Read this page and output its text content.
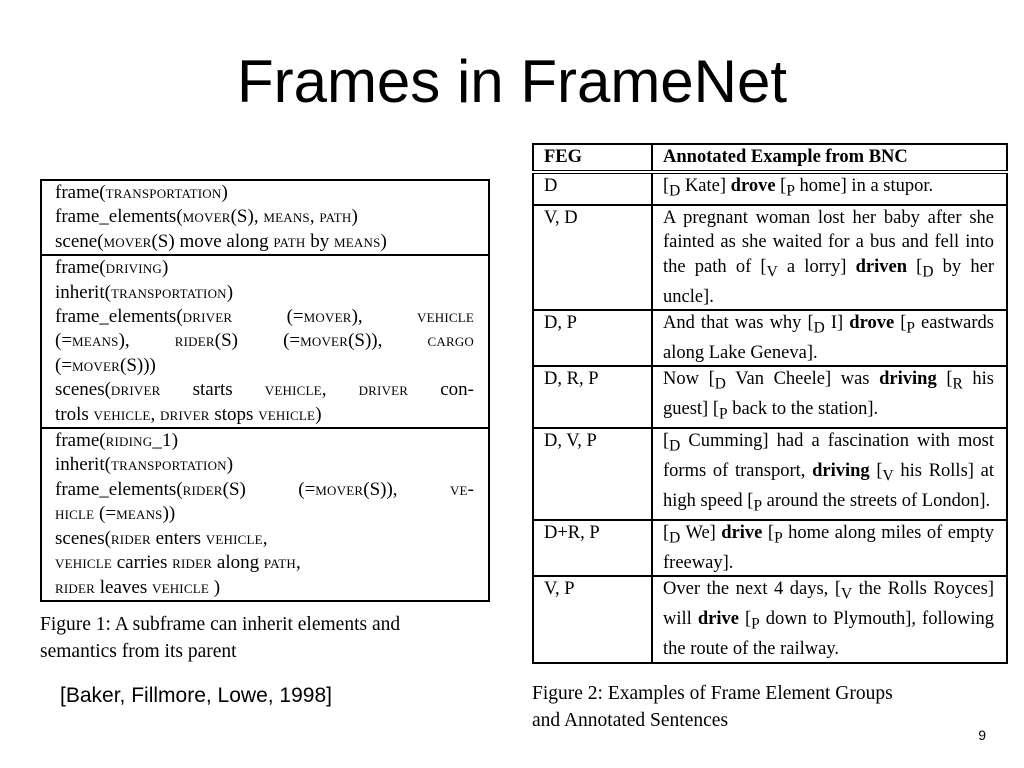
Frames in FrameNet
frame(transportation)
frame_elements(mover(S), means, path)
scene(mover(S) move along path by means)
frame(driving)
inherit(transportation)
frame_elements(driver (=mover), vehicle
(=means), rider(S) (=mover(S)), cargo
(=mover(S)))
scenes(driver starts vehicle, driver con-
trols vehicle, driver stops vehicle)
frame(riding_1)
inherit(transportation)
frame_elements(rider(S) (=mover(S)), ve-
hicle (=means))
scenes(rider enters vehicle,
vehicle carries rider along path,
rider leaves vehicle )
Figure 1: A subframe can inherit elements and
semantics from its parent
[Baker, Fillmore, Lowe, 1998]
FEG	Annotated Example from BNC
D	[$_D$ Kate] drove [$_P$ home] in a stupor.
V, D	A pregnant woman lost her baby after she fainted as she waited for a bus and fell into the path of [$_V$ a lorry] driven [$_D$ by her uncle].
D, P	And that was why [$_D$ I] drove [$_P$ eastwards along Lake Geneva].
D, R, P	Now [$_D$ Van Cheele] was driving [$_R$ his guest] [$_P$ back to the station].
D, V, P	[$_D$ Cumming] had a fascination with most forms of transport, driving [$_V$ his Rolls] at high speed [$_P$ around the streets of London].
D+R, P	[$_D$ We] drive [$_P$ home along miles of empty freeway].
V, P	Over the next 4 days, [$_V$ the Rolls Royces] will drive [$_P$ down to Plymouth], following the route of the railway.
Figure 2: Examples of Frame Element Groups
and Annotated Sentences
9
